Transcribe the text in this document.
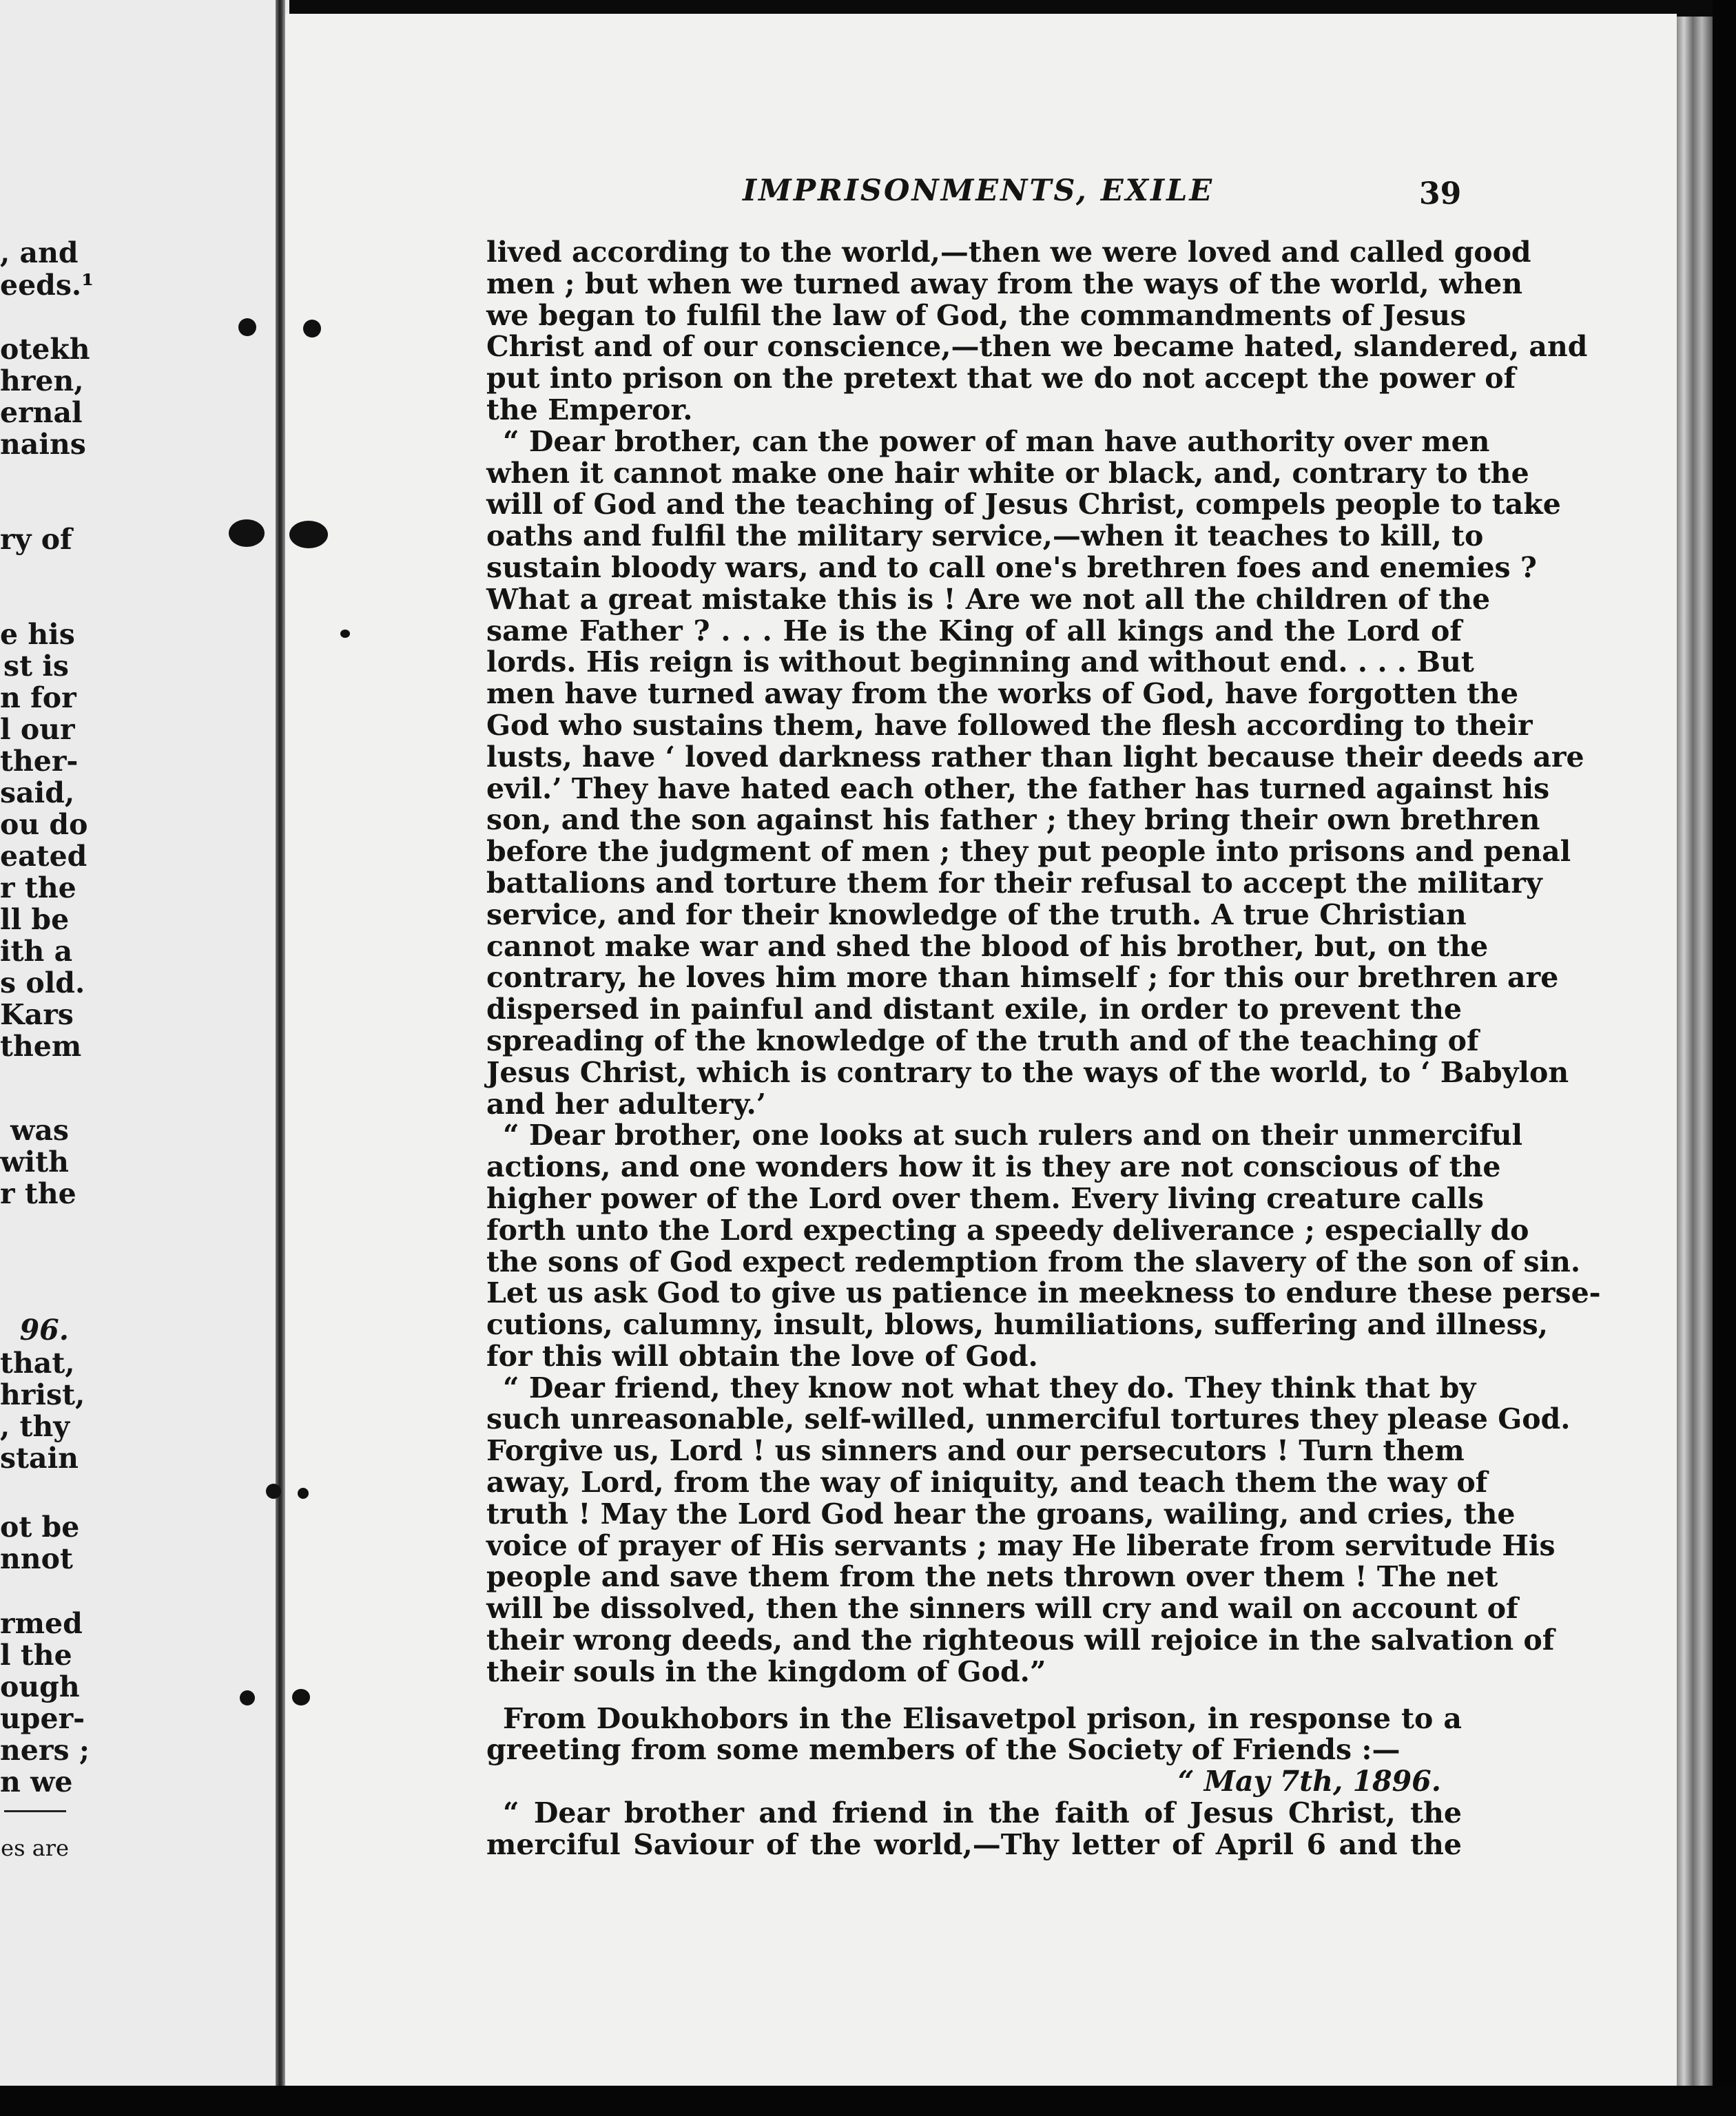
, and
eeds.¹
otekh
hren,
ernal
nains
ry of
e his
st is
n for
l our
ther-
said,
ou do
eated
r the
ll be
ith a
s old.
Kars
them
was
with
r the
96.
that,
hrist,
, thy
stain
ot be
nnot
rmed
l the
ough
uper-
ners ;
n we
es are
IMPRISONMENTS, EXILE	39
lived according to the world,—then we were loved and called good
men ; but when we turned away from the ways of the world, when
we began to fulfil the law of God, the commandments of Jesus
Christ and of our conscience,—then we became hated, slandered, and
put into prison on the pretext that we do not accept the power of
the Emperor.
“ Dear brother, can the power of man have authority over men
when it cannot make one hair white or black, and, contrary to the
will of God and the teaching of Jesus Christ, compels people to take
oaths and fulfil the military service,—when it teaches to kill, to
sustain bloody wars, and to call one's brethren foes and enemies ?
What a great mistake this is ! Are we not all the children of the
same Father ? . . . He is the King of all kings and the Lord of
lords. His reign is without beginning and without end. . . . But
men have turned away from the works of God, have forgotten the
God who sustains them, have followed the flesh according to their
lusts, have ‘ loved darkness rather than light because their deeds are
evil.’ They have hated each other, the father has turned against his
son, and the son against his father ; they bring their own brethren
before the judgment of men ; they put people into prisons and penal
battalions and torture them for their refusal to accept the military
service, and for their knowledge of the truth. A true Christian
cannot make war and shed the blood of his brother, but, on the
contrary, he loves him more than himself ; for this our brethren are
dispersed in painful and distant exile, in order to prevent the
spreading of the knowledge of the truth and of the teaching of
Jesus Christ, which is contrary to the ways of the world, to ‘ Babylon
and her adultery.’
“ Dear brother, one looks at such rulers and on their unmerciful
actions, and one wonders how it is they are not conscious of the
higher power of the Lord over them. Every living creature calls
forth unto the Lord expecting a speedy deliverance ; especially do
the sons of God expect redemption from the slavery of the son of sin.
Let us ask God to give us patience in meekness to endure these perse-
cutions, calumny, insult, blows, humiliations, suffering and illness,
for this will obtain the love of God.
“ Dear friend, they know not what they do. They think that by
such unreasonable, self-willed, unmerciful tortures they please God.
Forgive us, Lord ! us sinners and our persecutors ! Turn them
away, Lord, from the way of iniquity, and teach them the way of
truth ! May the Lord God hear the groans, wailing, and cries, the
voice of prayer of His servants ; may He liberate from servitude His
people and save them from the nets thrown over them ! The net
will be dissolved, then the sinners will cry and wail on account of
their wrong deeds, and the righteous will rejoice in the salvation of
their souls in the kingdom of God.”
From Doukhobors in the Elisavetpol prison, in response to a
greeting from some members of the Society of Friends :—
“ May 7th, 1896.
“ Dear brother and friend in the faith of Jesus Christ, the
merciful Saviour of the world,—Thy letter of April 6 and the
